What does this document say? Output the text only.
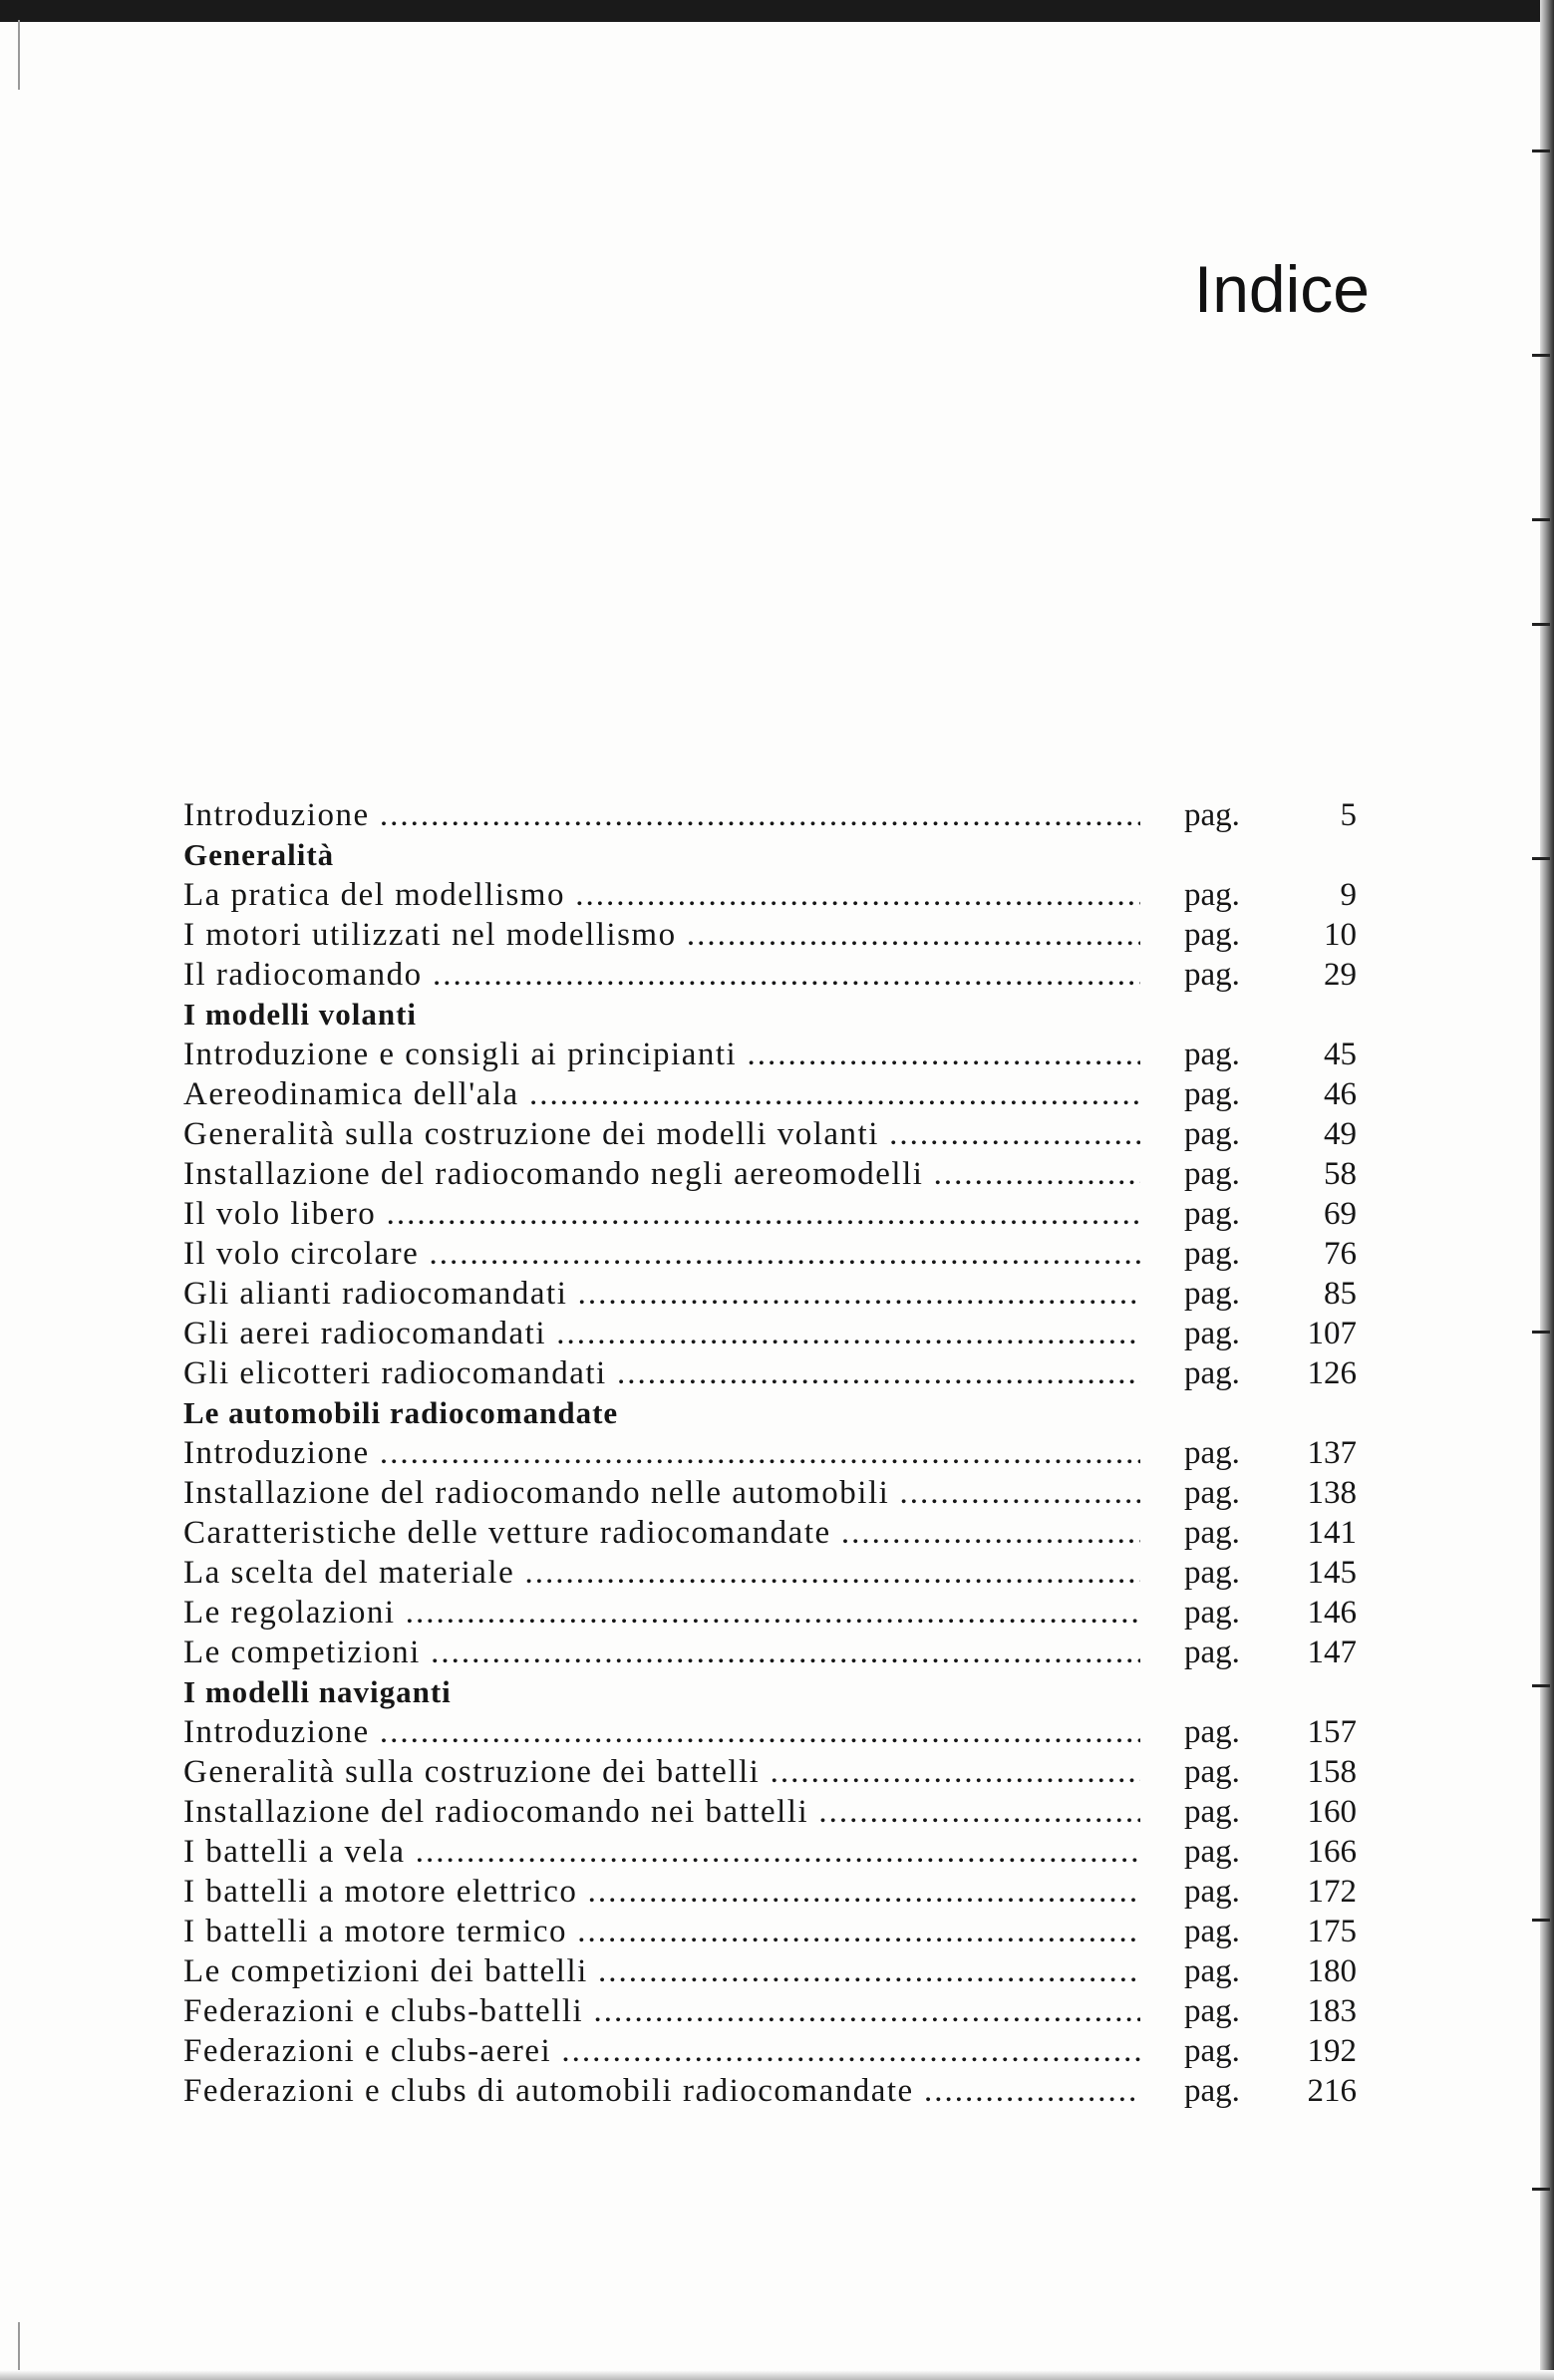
Indice
Introduzione .....	pag.	5
Generalità
La pratica del modellismo .....	pag.	9
I motori utilizzati nel modellismo .....	pag.	10
Il radiocomando .....	pag.	29
I modelli volanti
Introduzione e consigli ai principianti .....	pag.	45
Aereodinamica dell'ala .....	pag.	46
Generalità sulla costruzione dei modelli volanti .....	pag.	49
Installazione del radiocomando negli aereomodelli .....	pag.	58
Il volo libero .....	pag.	69
Il volo circolare .....	pag.	76
Gli alianti radiocomandati .....	pag.	85
Gli aerei radiocomandati .....	pag.	107
Gli elicotteri radiocomandati .....	pag.	126
Le automobili radiocomandate
Introduzione .....	pag.	137
Installazione del radiocomando nelle automobili .....	pag.	138
Caratteristiche delle vetture radiocomandate .....	pag.	141
La scelta del materiale .....	pag.	145
Le regolazioni .....	pag.	146
Le competizioni .....	pag.	147
I modelli naviganti
Introduzione .....	pag.	157
Generalità sulla costruzione dei battelli .....	pag.	158
Installazione del radiocomando nei battelli .....	pag.	160
I battelli a vela .....	pag.	166
I battelli a motore elettrico .....	pag.	172
I battelli a motore termico .....	pag.	175
Le competizioni dei battelli .....	pag.	180
Federazioni e clubs-battelli .....	pag.	183
Federazioni e clubs-aerei .....	pag.	192
Federazioni e clubs di automobili radiocomandate .....	pag.	216
